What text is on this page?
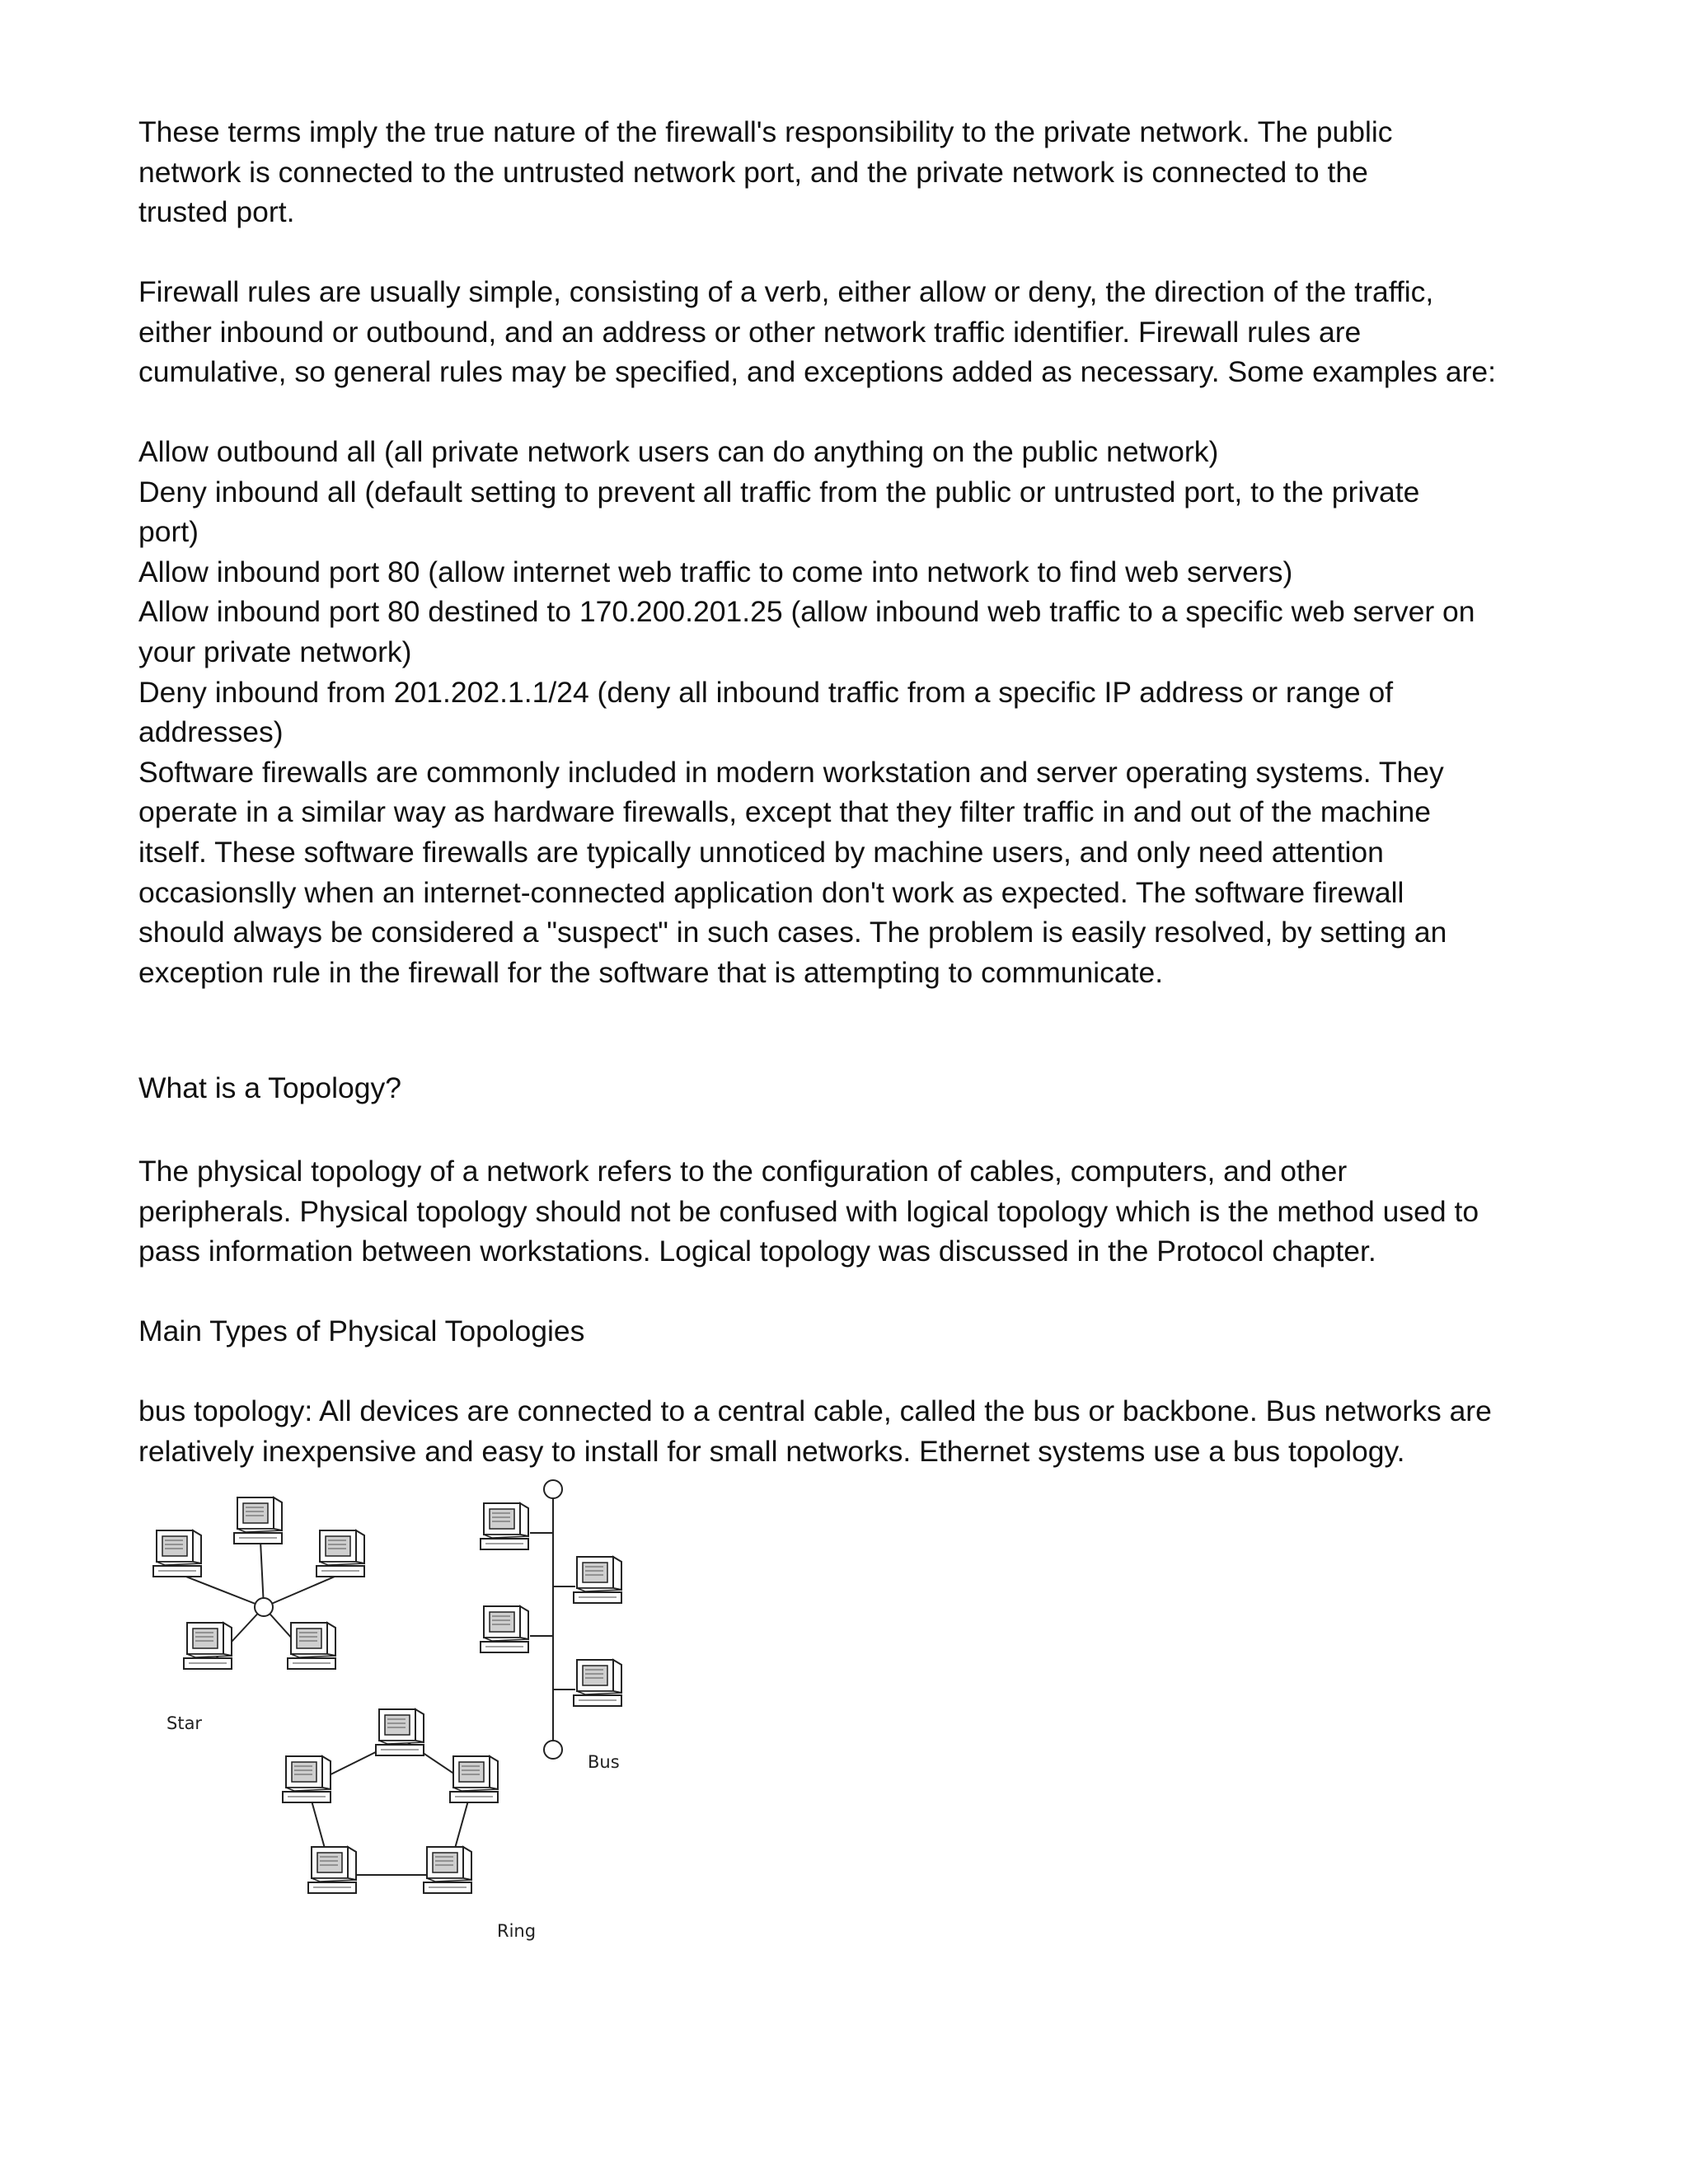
These terms imply the true nature of the firewall's responsibility to the private network. The public
network is connected to the untrusted network port, and the private network is connected to the
trusted port.
Firewall rules are usually simple, consisting of a verb, either allow or deny, the direction of the traffic,
either inbound or outbound, and an address or other network traffic identifier. Firewall rules are
cumulative, so general rules may be specified, and exceptions added as necessary. Some examples are:
Allow outbound all (all private network users can do anything on the public network)
Deny inbound all (default setting to prevent all traffic from the public or untrusted port, to the private
port)
Allow inbound port 80 (allow internet web traffic to come into network to find web servers)
Allow inbound port 80 destined to 170.200.201.25 (allow inbound web traffic to a specific web server on
your private network)
Deny inbound from 201.202.1.1/24 (deny all inbound traffic from a specific IP address or range of
addresses)
Software firewalls are commonly included in modern workstation and server operating systems. They
operate in a similar way as hardware firewalls, except that they filter traffic in and out of the machine
itself. These software firewalls are typically unnoticed by machine users, and only need attention
occasionslly when an internet-connected application don't work as expected. The software firewall
should always be considered a "suspect" in such cases. The problem is easily resolved, by setting an
exception rule in the firewall for the software that is attempting to communicate.
What is a Topology?
The physical topology of a network refers to the configuration of cables, computers, and other
peripherals. Physical topology should not be confused with logical topology which is the method used to
pass information between workstations. Logical topology was discussed in the Protocol chapter.
Main Types of Physical Topologies
bus topology: All devices are connected to a central cable, called the bus or backbone. Bus networks are
relatively inexpensive and easy to install for small networks. Ethernet systems use a bus topology.
Star
Bus
Ring
